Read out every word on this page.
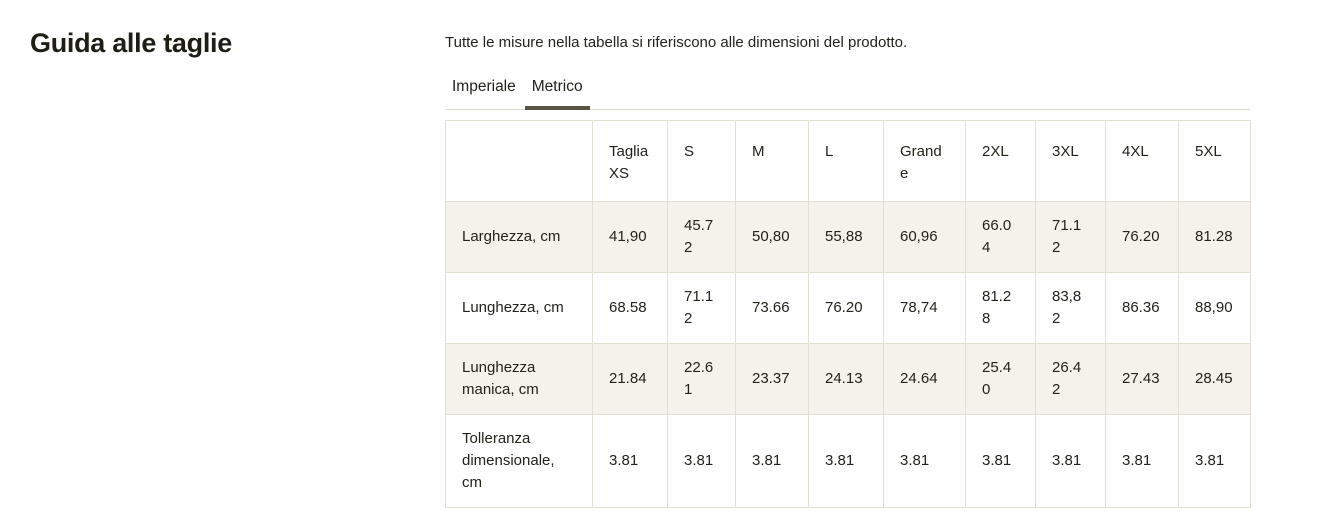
Guida alle taglie	Tutte le misure nella tabella si riferiscono alle dimensioni del prodotto.

Imperiale	Metrico
	Taglia XS	S	M	L	Grande	2XL	3XL	4XL	5XL
Larghezza, cm	41,90	45.72	50,80	55,88	60,96	66.04	71.12	76.20	81.28
Lunghezza, cm	68.58	71.12	73.66	76.20	78,74	81.28	83,82	86.36	88,90
Lunghezza manica, cm	21.84	22.61	23.37	24.13	24.64	25.40	26.42	27.43	28.45
Tolleranza dimensionale, cm	3.81	3.81	3.81	3.81	3.81	3.81	3.81	3.81	3.81
